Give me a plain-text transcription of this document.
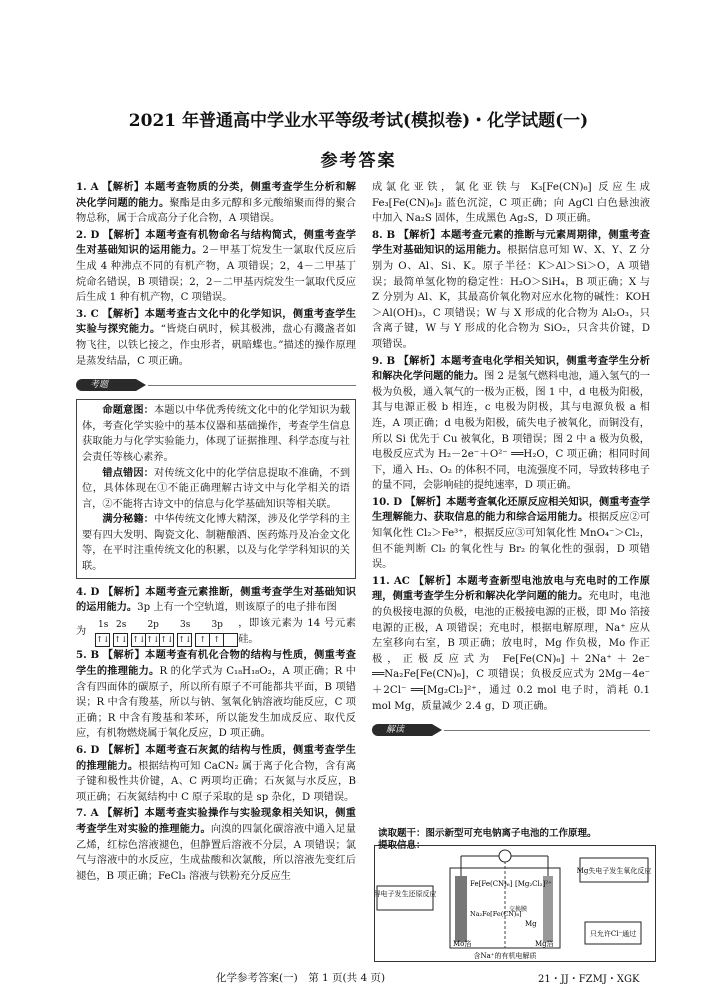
2021 年普通高中学业水平等级考试(模拟卷)・化学试题(一)
参考答案
1. A 【解析】本题考查物质的分类，侧重考查学生分析和解决化学问题的能力。聚酯是由多元醇和多元酸缩聚而得的聚合物总称，属于合成高分子化合物，A 项错误。
2. D 【解析】本题考查有机物命名与结构简式，侧重考查学生对基础知识的运用能力。2－甲基丁烷发生一氯取代反应后生成 4 种沸点不同的有机产物，A 项错误；2，4－二甲基丁烷命名错误，B 项错误；2，2－二甲基丙烷发生一氯取代反应后生成 1 种有机产物，C 项错误。
3. C 【解析】本题考查古文化中的化学知识，侧重考查学生实验与探究能力。“皆烧白矾时，候其极沸，盘心有濺盏者如物飞往，以铁匕接之，作虫形者，矾暗蝶也。”描述的操作原理是蒸发结晶，C 项正确。
考题

命题意图：本题以中华优秀传统文化中的化学知识为载体，考查化学实验中的基本仪器和基础操作，考查学生信息获取能力与化学实验能力，体现了证据推理、科学态度与社会责任等核心素养。

错点错因：对传统文化中的化学信息提取不准确，不到位，具体体现在①不能正确理解古诗文中与化学相关的语言，②不能将古诗文中的信息与化学基础知识等相关联。

满分秘籍：中华传统文化博大精深，涉及化学学科的主要有四大发明、陶瓷文化、制糖酿酒、医药炼丹及冶金文化等，在平时注重传统文化的积累，以及与化学学科知识的关联。

4. D 【解析】本题考查元素推断，侧重考查学生对基础知识的运用能力。3p 上有一个空轨道，则该原子的电子排布图
为
1s
↑↓
2s
↑↓
2p
↑↓ ↑↓ ↑↓
3s
↑↓
3p
↑ ↑
，即该元素为 14 号元素硅。
5. B 【解析】本题考查有机化合物的结构与性质，侧重考查学生的推理能力。R 的化学式为 C₁₈H₁₈O₂，A 项正确；R 中含有四面体的碳原子，所以所有原子不可能都共平面，B 项错误；R 中含有羧基，所以与钠、氢氧化钠溶液均能反应，C 项正确；R 中含有羧基和苯环，所以能发生加成反应、取代反应，有机物燃烧属于氧化反应，D 项正确。
6. D 【解析】本题考查石灰氮的结构与性质，侧重考查学生的推理能力。根据结构可知 CaCN₂ 属于离子化合物，含有离子键和极性共价键，A、C 两项均正确；石灰氮与水反应，B 项正确；石灰氮结构中 C 原子采取的是 sp 杂化，D 项错误。
7. A 【解析】本题考查实验操作与实验现象相关知识，侧重考查学生对实验的推理能力。向溴的四氯化碳溶液中通入足量乙烯，红棕色溶液褪色，但静置后溶液不分层，A 项错误；氯气与溶液中的水反应，生成盐酸和次氯酸，所以溶液先变红后褪色，B 项正确；FeCl₃ 溶液与铁粉充分反应生
成氯化亚铁，氯化亚铁与 K₃[Fe(CN)₆] 反应生成 Fe₃[Fe(CN)₆]₂ 蓝色沉淀，C 项正确；向 AgCl 白色悬浊液中加入 Na₂S 固体，生成黑色 Ag₂S，D 项正确。
8. B 【解析】本题考查元素的推断与元素周期律，侧重考查学生对基础知识的运用能力。根据信息可知 W、X、Y、Z 分别为 O、Al、Si、K。原子半径：K＞Al＞Si＞O，A 项错误；最简单氢化物的稳定性：H₂O＞SiH₄，B 项正确；X 与 Z 分别为 Al、K，其最高价氧化物对应水化物的碱性：KOH＞Al(OH)₃，C 项错误；W 与 X 形成的化合物为 Al₂O₃，只含离子键，W 与 Y 形成的化合物为 SiO₂，只含共价键，D 项错误。
9. B 【解析】本题考查电化学相关知识，侧重考查学生分析和解决化学问题的能力。图 2 是氢气燃料电池，通入氢气的一极为负极，通入氧气的一极为正极，图 1 中，d 电极为阳极，其与电源正极 b 相连，c 电极为阴极，其与电源负极 a 相连，A 项正确；d 电极为阳极，硫失电子被氧化，而铜没有，所以 Si 优先于 Cu 被氧化，B 项错误；图 2 中 a 极为负极，电极反应式为 H₂－2e⁻＋O²⁻ ══H₂O，C 项正确；相同时间下，通入 H₂、O₂ 的体积不同，电流强度不同，导致转移电子的量不同，会影响硅的提纯速率，D 项正确。
10. D 【解析】本题考查氧化还原反应相关知识，侧重考查学生理解能力、获取信息的能力和综合运用能力。根据反应②可知氧化性 Cl₂＞Fe³⁺，根据反应③可知氧化性 MnO₄⁻＞Cl₂，但不能判断 Cl₂ 的氧化性与 Br₂ 的氧化性的强弱，D 项错误。
11. AC 【解析】本题考查新型电池放电与充电时的工作原理，侧重考查学生分析和解决化学问题的能力。充电时，电池的负极接电源的负极，电池的正极接电源的正极，即 Mo 箔接电源的正极，A 项错误；充电时，根据电解原理，Na⁺ 应从左室移向右室，B 项正确；放电时，Mg 作负极，Mo 作正极，正极反应式为 Fe[Fe(CN)₆]＋2Na⁺＋2e⁻ ══Na₂Fe[Fe(CN)₆]，C 项错误；负极反应式为 2Mg－4e⁻＋2Cl⁻ ══[Mg₂Cl₂]²⁺，通过 0.2 mol 电子时，消耗 0.1 mol Mg，质量减少 2.4 g，D 项正确。
解读
得电子发生还原反应
Mg失电子发生氧化反应
只允许Cl⁻通过
Fe[Fe(CN)₆]
Na₂Fe[Fe(CN)₆]
[Mg₂Cl₂]²⁺
交换膜
Mg
Mo箔	Mg箔
含Na⁺的有机电解质
读取题干：图示新型可充电钠离子电池的工作原理。
提取信息：
化学参考答案(一)　第 1 页(共 4 页)	21・JJ・FZMJ・XGK
